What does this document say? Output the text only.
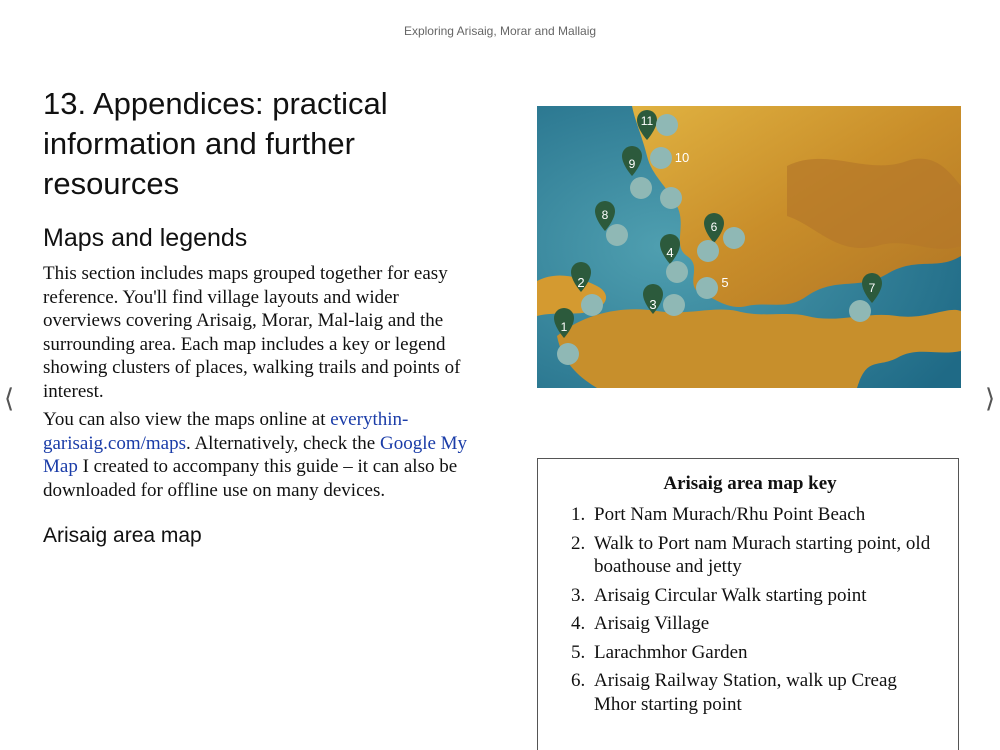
Exploring Arisaig, Morar and Mallaig
⟨	⟩
13. Appendices: practical information and further resources
Maps and legends

This section includes maps grouped together for easy reference. You'll find village layouts and wider overviews covering Arisaig, Morar, Mal-laig and the surrounding area. Each map includes a key or legend showing clusters of places, walking trails and points of interest.

You can also view the maps online at everythin-garisaig.com/maps. Alternatively, check the Google My Map I created to accompany this guide – it can also be downloaded for offline use on many devices.

Arisaig area map
11
10
9
8
6
4
5
2
3
1
7
Arisaig area map key
1. Port Nam Murach/Rhu Point Beach
2. Walk to Port nam Murach starting point, old boathouse and jetty
3. Arisaig Circular Walk starting point
4. Arisaig Village
5. Larachmhor Garden
6. Arisaig Railway Station, walk up Creag Mhor starting point
